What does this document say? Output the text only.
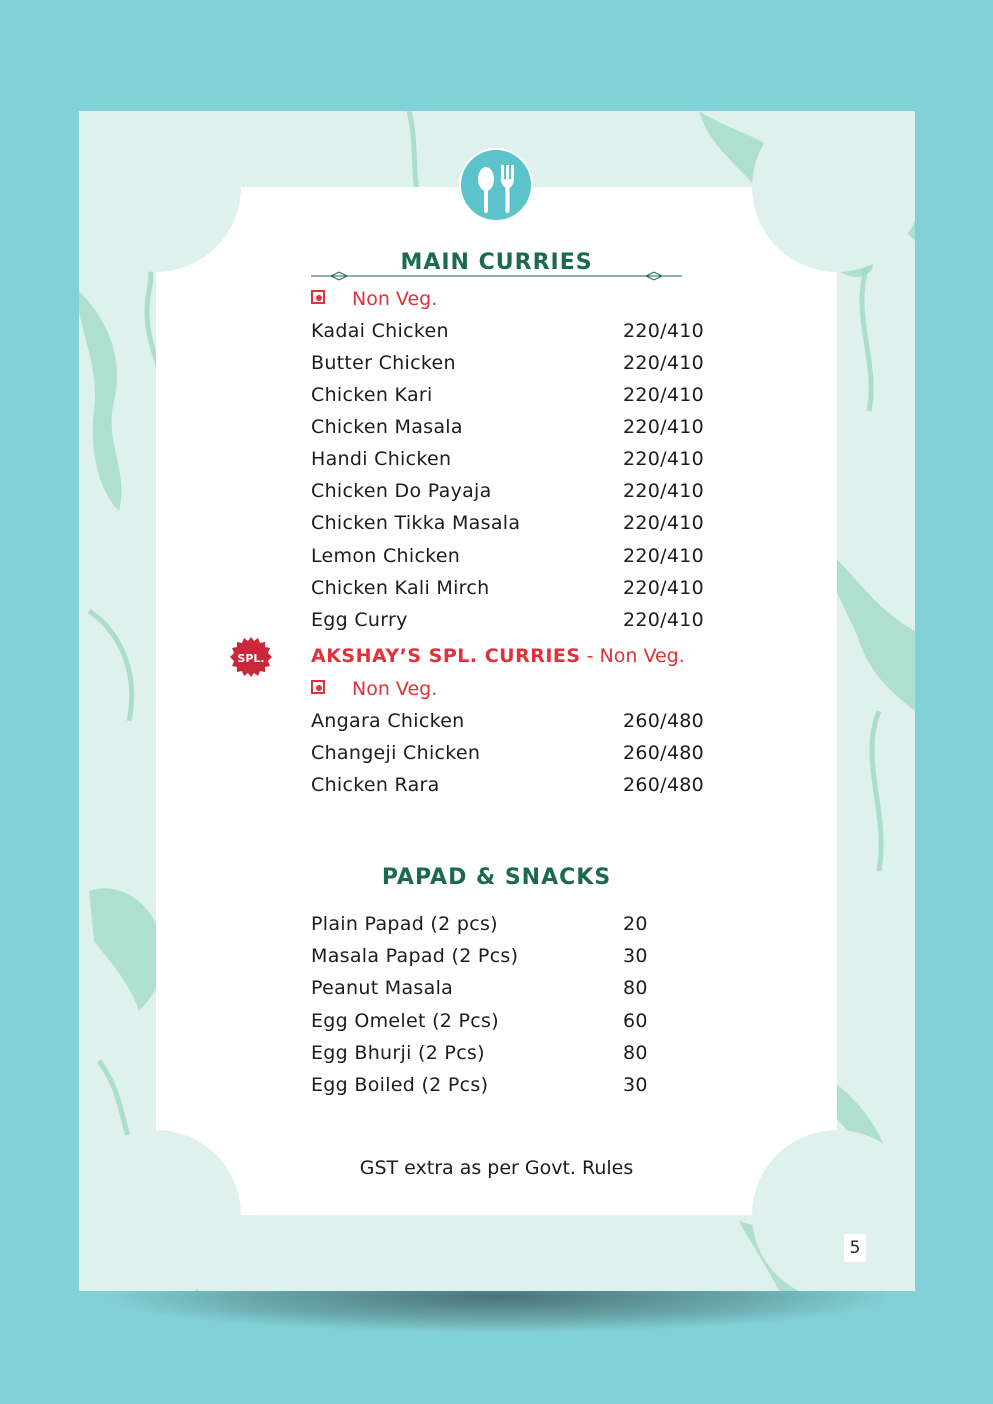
MAIN CURRIES
Non Veg.
Kadai Chicken	220/410
Butter Chicken	220/410
Chicken Kari	220/410
Chicken Masala	220/410
Handi Chicken	220/410
Chicken Do Payaja	220/410
Chicken Tikka Masala	220/410
Lemon Chicken	220/410
Chicken Kali Mirch	220/410
Egg Curry	220/410
SPL. AKSHAY’S SPL. CURRIES - Non Veg.
Non Veg.
Angara Chicken	260/480
Changeji Chicken	260/480
Chicken Rara	260/480
PAPAD & SNACKS
Plain Papad (2 pcs)	20
Masala Papad (2 Pcs)	30
Peanut Masala	80
Egg Omelet (2 Pcs)	60
Egg Bhurji (2 Pcs)	80
Egg Boiled (2 Pcs)	30
GST extra as per Govt. Rules
5
